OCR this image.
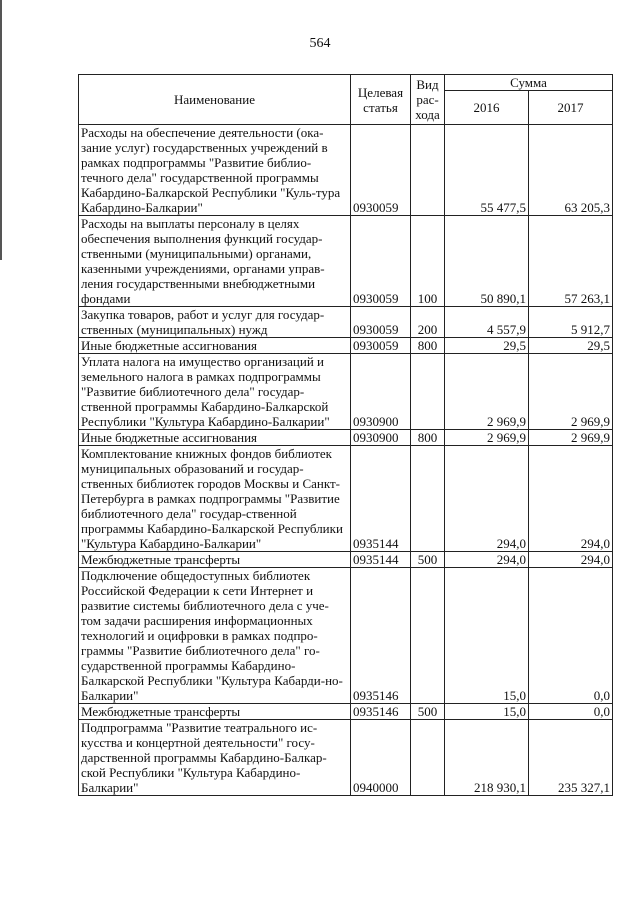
564
Наименование	Целевая статья	Вид рас-хода	Сумма	
			2016	2017
Расходы на обеспечение деятельности (ока-зание услуг) государственных учреждений в рамках подпрограммы "Развитие библио-течного дела" государственной программы Кабардино-Балкарской Республики "Куль-тура Кабардино-Балкарии"	0930059		55 477,5	63 205,3
Расходы на выплаты персоналу в целях обеспечения выполнения функций государ-ственными (муниципальными) органами, казенными учреждениями, органами управ-ления государственными внебюджетными фондами	0930059	100	50 890,1	57 263,1
Закупка товаров, работ и услуг для государ-ственных (муниципальных) нужд	0930059	200	4 557,9	5 912,7
Иные бюджетные ассигнования	0930059	800	29,5	29,5
Уплата налога на имущество организаций и земельного налога в рамках подпрограммы "Развитие библиотечного дела" государ-ственной программы Кабардино-Балкарской Республики "Культура Кабардино-Балкарии"	0930900		2 969,9	2 969,9
Иные бюджетные ассигнования	0930900	800	2 969,9	2 969,9
Комплектование книжных фондов библиотек муниципальных образований и государ-ственных библиотек городов Москвы и Санкт-Петербурга в рамках подпрограммы "Развитие библиотечного дела" государ-ственной программы Кабардино-Балкарской Республики "Культура Кабардино-Балкарии"	0935144		294,0	294,0
Межбюджетные трансферты	0935144	500	294,0	294,0
Подключение общедоступных библиотек Российской Федерации к сети Интернет и развитие системы библиотечного дела с уче-том задачи расширения информационных технологий и оцифровки в рамках подпро-граммы "Развитие библиотечного дела" го-сударственной программы Кабардино-Балкарской Республики "Культура Кабарди-но-Балкарии"	0935146		15,0	0,0
Межбюджетные трансферты	0935146	500	15,0	0,0
Подпрограмма "Развитие театрального ис-кусства и концертной деятельности" госу-дарственной программы Кабардино-Балкар-ской Республики "Культура Кабардино-Балкарии"	0940000		218 930,1	235 327,1
